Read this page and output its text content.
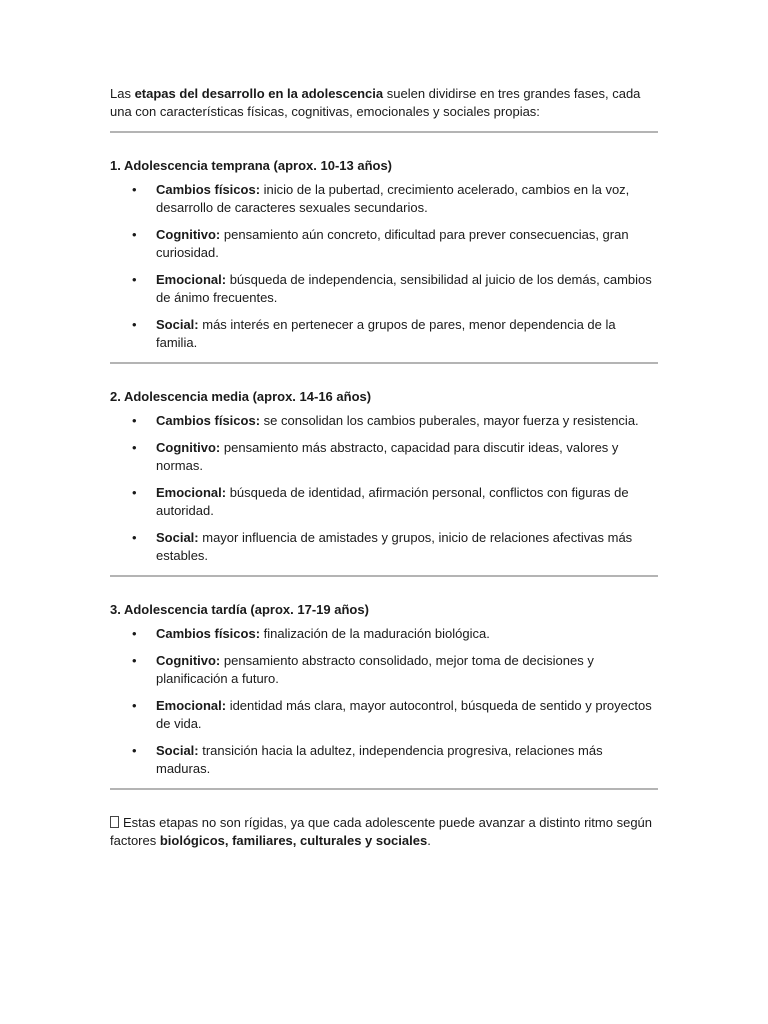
Las etapas del desarrollo en la adolescencia suelen dividirse en tres grandes fases, cada una con características físicas, cognitivas, emocionales y sociales propias:

1. Adolescencia temprana (aprox. 10-13 años)
• Cambios físicos: inicio de la pubertad, crecimiento acelerado, cambios en la voz, desarrollo de caracteres sexuales secundarios.
• Cognitivo: pensamiento aún concreto, dificultad para prever consecuencias, gran curiosidad.
• Emocional: búsqueda de independencia, sensibilidad al juicio de los demás, cambios de ánimo frecuentes.
• Social: más interés en pertenecer a grupos de pares, menor dependencia de la familia.
2. Adolescencia media (aprox. 14-16 años)
• Cambios físicos: se consolidan los cambios puberales, mayor fuerza y resistencia.
• Cognitivo: pensamiento más abstracto, capacidad para discutir ideas, valores y normas.
• Emocional: búsqueda de identidad, afirmación personal, conflictos con figuras de autoridad.
• Social: mayor influencia de amistades y grupos, inicio de relaciones afectivas más estables.
3. Adolescencia tardía (aprox. 17-19 años)
• Cambios físicos: finalización de la maduración biológica.
• Cognitivo: pensamiento abstracto consolidado, mejor toma de decisiones y planificación a futuro.
• Emocional: identidad más clara, mayor autocontrol, búsqueda de sentido y proyectos de vida.
• Social: transición hacia la adultez, independencia progresiva, relaciones más maduras.

Estas etapas no son rígidas, ya que cada adolescente puede avanzar a distinto ritmo según factores biológicos, familiares, culturales y sociales.
